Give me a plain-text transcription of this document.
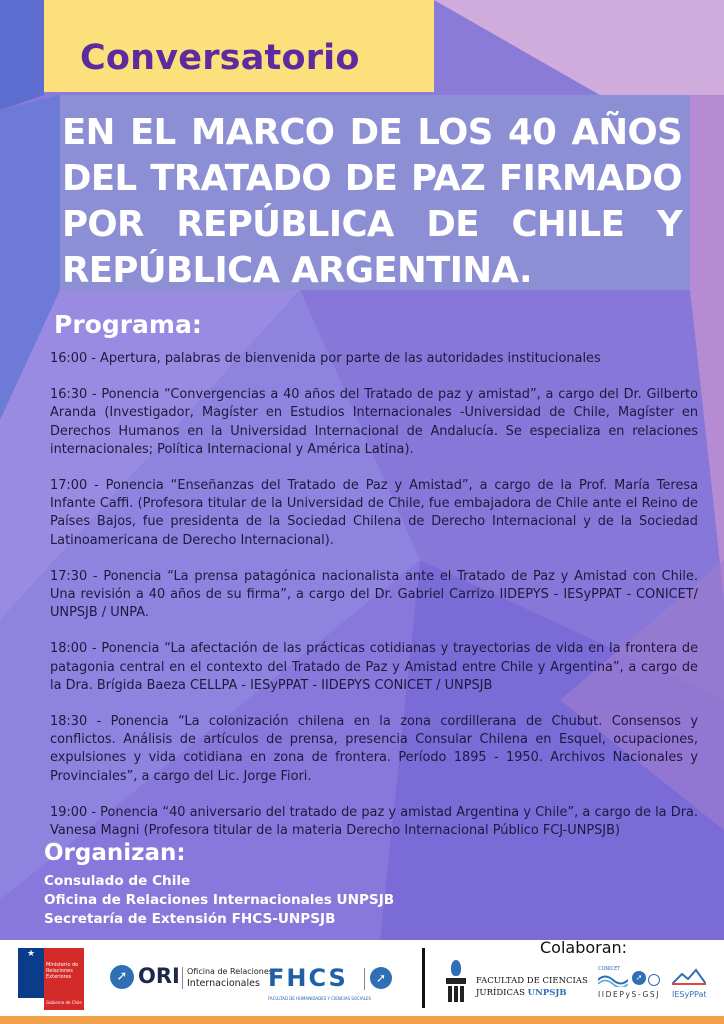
Conversatorio

EN EL MARCO DE LOS 40 AÑOS DEL TRATADO DE PAZ FIRMADO POR REPÚBLICA DE CHILE Y REPÚBLICA ARGENTINA.

Programa:

16:00 - Apertura, palabras de bienvenida por parte de las autoridades institucionales

16:30 - Ponencia “Convergencias a 40 años del Tratado de paz y amistad”, a cargo del Dr. Gilberto Aranda (Investigador, Magíster en Estudios Internacionales -Universidad de Chile, Magíster en Derechos Humanos en la Universidad Internacional de Andalucía. Se especializa en relaciones internacionales; Política Internacional y América Latina).

17:00 - Ponencia “Enseñanzas del Tratado de Paz y Amistad”, a cargo de la Prof. María Teresa Infante Caffi. (Profesora titular de la Universidad de Chile, fue embajadora de Chile ante el Reino de Países Bajos, fue presidenta de la Sociedad Chilena de Derecho Internacional y de la Sociedad Latinoamericana de Derecho Internacional).

17:30 - Ponencia “La prensa patagónica nacionalista ante el Tratado de Paz y Amistad con Chile. Una revisión a 40 años de su firma”, a cargo del Dr. Gabriel Carrizo IIDEPYS - IESyPPAT - CONICET/ UNPSJB / UNPA.

18:00 - Ponencia “La afectación de las prácticas cotidianas y trayectorias de vida en la frontera de patagonia central en el contexto del Tratado de Paz y Amistad entre Chile y Argentina”, a cargo de la Dra. Brígida Baeza CELLPA - IESyPPAT - IIDEPYS CONICET / UNPSJB

18:30 - Ponencia “La colonización chilena en la zona cordillerana de Chubut. Consensos y conflictos. Análisis de artículos de prensa, presencia Consular Chilena en Esquel, ocupaciones, expulsiones y vida cotidiana en zona de frontera. Período 1895 - 1950. Archivos Nacionales y Provinciales”, a cargo del Lic. Jorge Fiori.

19:00 - Ponencia “40 aniversario del tratado de paz y amistad Argentina y Chile”, a cargo de la Dra. Vanesa Magni (Profesora titular de la materia Derecho Internacional Público FCJ-UNPSJB)

Organizan:
Consulado de Chile
Oficina de Relaciones Internacionales UNPSJB
Secretaría de Extensión FHCS-UNPSJB
★
Ministerio de Relaciones Exteriores
Gobierno de Chile
➚ ORI Oficina de Relaciones
Internacionales FHCS	➚
FACULTAD DE HUMANIDADES Y CIENCIAS SOCIALES
Colaboran:
FACULTAD DE CIENCIAS
JURÍDICAS UNPSJB
CONICET
➚
IIDEPyS-GSJ IESyPPat
